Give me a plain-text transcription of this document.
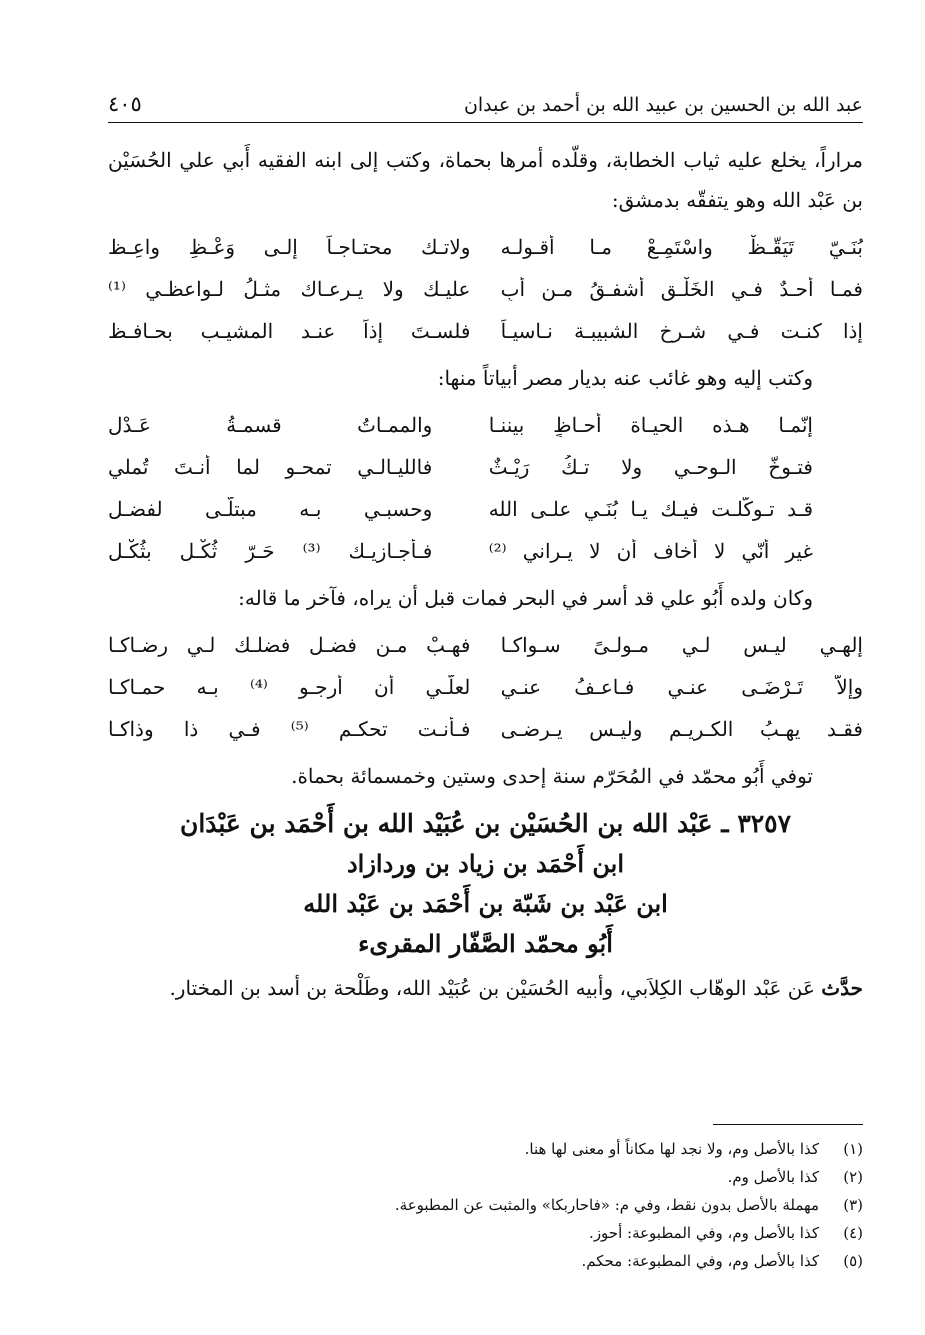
عبد الله بن الحسين بن عبيد الله بن أحمد بن عبدان
٤٠٥

مراراً، يخلع عليه ثياب الخطابة، وقلّده أمرها بحماة، وكتب إلى ابنه الفقيه أَبي علي الحُسَيْن بن عَبْد الله وهو يتفقّه بدمشق:

بُنَـيّ تَيَقّـظْ واسْتَمِـعْ مـا أقـولـه
ولاتـك محتـاجـاً إلـى وَعْـظِ واعِـظ
فمـا أحـدٌ فـي الخَلْـق أشفـقُ مـن أبٍ
عليـك ولا يـرعـاك مثـلُ لـواعظـي ⁽¹⁾
إذا كنـت فـي شـرخ الشبيبـة نـاسيـاً
فلسـتَ إذاً عنـد المشيـب بحـافـظ

وكتب إليه وهو غائب عنه بديار مصر أبياتاً منها:

إنّمـا هـذه الحيـاة أحـاظٍ بيننـا
والممـاتُ قسمـةُ عَـدْلِ
فتـوخّ الـوحـي ولا تـكُ رَيْـثٌ
فالليـالـي تمحـو لما أنـتَ تُملي
قـد تـوكّلـت فيـك يـا بُنَـي علـى الله
وحسبـي بـه مبتلّـى لفضـلِ
غير أنّي لا أخاف أن لا يـراني ⁽²⁾
فـأجـازيـك ⁽³⁾ حَـرّ ثُكْـلٍ بثُكْـلِ

وكان ولده أَبُو علي قد أسر في البحر فمات قبل أن يراه، فآخر ما قاله:

إلهـي ليـس لـي مـولـىً سـواكـا
فهـبْ مـن فضـلِ فضلـك لـي رضـاكـا
وإلاّ تَـرْضَـى عنـي فـاعـفُ عنـي
لعلّـي أن أرجـو ⁽⁴⁾ بـه حمـاكـا
فقـد يهـبُ الكـريـم وليـس يـرضـى
فـأنـت تحكـم ⁽⁵⁾ فـي ذا وذاكـا

توفي أَبُو محمّد في المُحَرّم سنة إحدى وستين وخمسمائة بحماة.

٣٢٥٧ ـ عَبْد الله بن الحُسَيْن بن عُبَيْد الله بن أَحْمَد بن عَبْدَان
ابن أَحْمَد بن زياد بن وردازاد
ابن عَبْد بن شَبّة بن أَحْمَد بن عَبْد الله
أَبُو محمّد الصَّفّار المقرىء

حدَّث عَن عَبْد الوهّاب الكِلاَبي، وأبيه الحُسَيْن بن عُبَيْد الله، وطَلْحة بن أسد بن المختار.

(١)
كذا بالأصل وم، ولا نجد لها مكاناً أو معنى لها هنا.
(٢)
كذا بالأصل وم.
(٣)
مهملة بالأصل بدون نقط، وفي م: «فاحاربكا» والمثبت عن المطبوعة.
(٤)
كذا بالأصل وم، وفي المطبوعة: أحوز.
(٥)
كذا بالأصل وم، وفي المطبوعة: محكم.
